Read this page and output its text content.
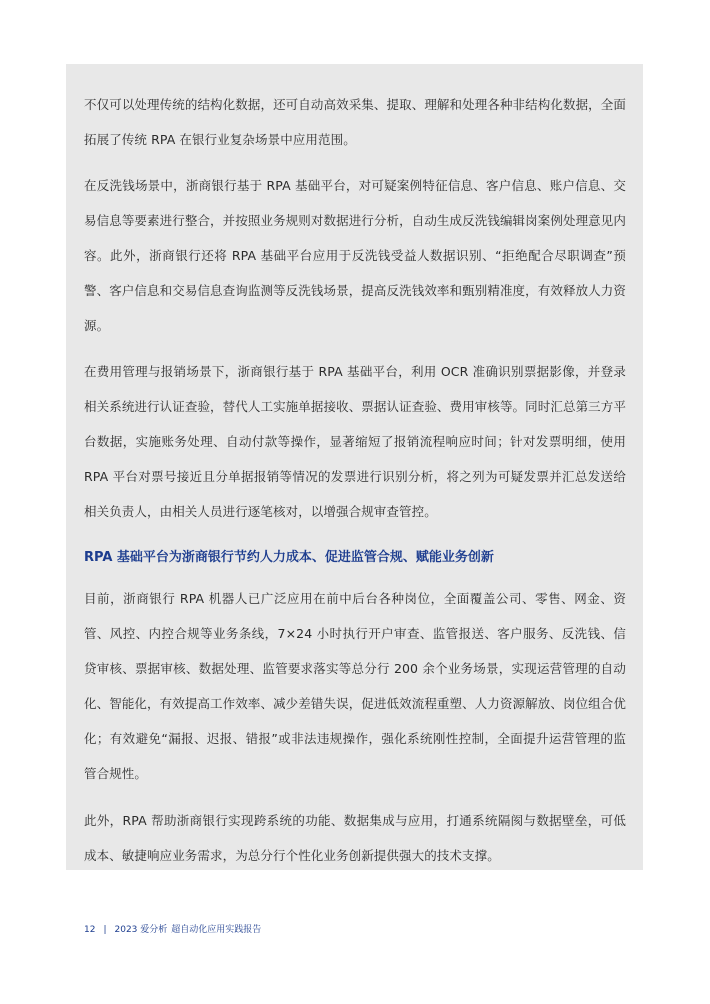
不仅可以处理传统的结构化数据，还可自动高效采集、提取、理解和处理各种非结构化数据，全面拓展了传统 RPA 在银行业复杂场景中应用范围。

在反洗钱场景中，浙商银行基于 RPA 基础平台，对可疑案例特征信息、客户信息、账户信息、交易信息等要素进行整合，并按照业务规则对数据进行分析，自动生成反洗钱编辑岗案例处理意见内容。此外，浙商银行还将 RPA 基础平台应用于反洗钱受益人数据识别、“拒绝配合尽职调查”预警、客户信息和交易信息查询监测等反洗钱场景，提高反洗钱效率和甄别精准度，有效释放人力资源。

在费用管理与报销场景下，浙商银行基于 RPA 基础平台，利用 OCR 准确识别票据影像，并登录相关系统进行认证查验，替代人工实施单据接收、票据认证查验、费用审核等。同时汇总第三方平台数据，实施账务处理、自动付款等操作，显著缩短了报销流程响应时间；针对发票明细，使用 RPA 平台对票号接近且分单据报销等情况的发票进行识别分析，将之列为可疑发票并汇总发送给相关负责人，由相关人员进行逐笔核对，以增强合规审查管控。

RPA 基础平台为浙商银行节约人力成本、促进监管合规、赋能业务创新

目前，浙商银行 RPA 机器人已广泛应用在前中后台各种岗位，全面覆盖公司、零售、网金、资管、风控、内控合规等业务条线，7×24 小时执行开户审查、监管报送、客户服务、反洗钱、信贷审核、票据审核、数据处理、监管要求落实等总分行 200 余个业务场景，实现运营管理的自动化、智能化，有效提高工作效率、减少差错失误，促进低效流程重塑、人力资源解放、岗位组合优化；有效避免“漏报、迟报、错报”或非法违规操作，强化系统刚性控制，全面提升运营管理的监管合规性。

此外，RPA 帮助浙商银行实现跨系统的功能、数据集成与应用，打通系统隔阂与数据壁垒，可低成本、敏捷响应业务需求，为总分行个性化业务创新提供强大的技术支撑。

12 | 2023 爱分析 超自动化应用实践报告
